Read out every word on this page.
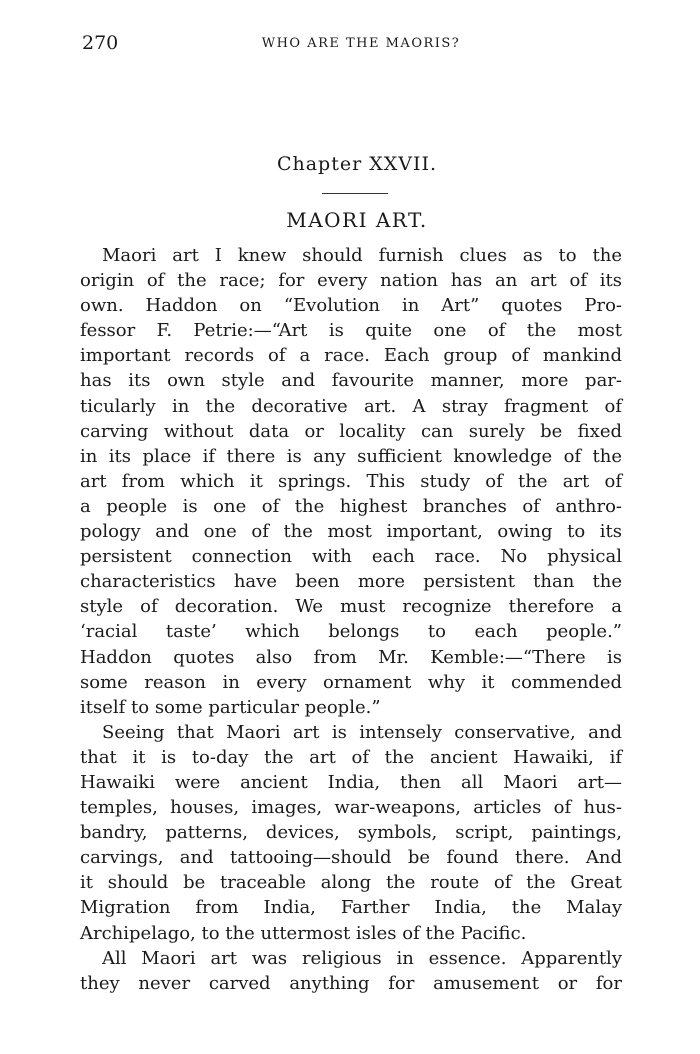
270	WHO ARE THE MAORIS?
Chapter XXVII.
MAORI ART.
Maori art I knew should furnish clues as to the
origin of the race; for every nation has an art of its
own. Haddon on “Evolution in Art” quotes Pro-
fessor F. Petrie:—“Art is quite one of the most
important records of a race. Each group of mankind
has its own style and favourite manner, more par-
ticularly in the decorative art. A stray fragment of
carving without data or locality can surely be fixed
in its place if there is any sufficient knowledge of the
art from which it springs. This study of the art of
a people is one of the highest branches of anthro-
pology and one of the most important, owing to its
persistent connection with each race. No physical
characteristics have been more persistent than the
style of decoration. We must recognize therefore a
‘racial taste’ which belongs to each people.”
Haddon quotes also from Mr. Kemble:—“There is
some reason in every ornament why it commended
itself to some particular people.”
Seeing that Maori art is intensely conservative, and
that it is to-day the art of the ancient Hawaiki, if
Hawaiki were ancient India, then all Maori art—
temples, houses, images, war-weapons, articles of hus-
bandry, patterns, devices, symbols, script, paintings,
carvings, and tattooing—should be found there. And
it should be traceable along the route of the Great
Migration from India, Farther India, the Malay
Archipelago, to the uttermost isles of the Pacific.
All Maori art was religious in essence. Apparently
they never carved anything for amusement or for
